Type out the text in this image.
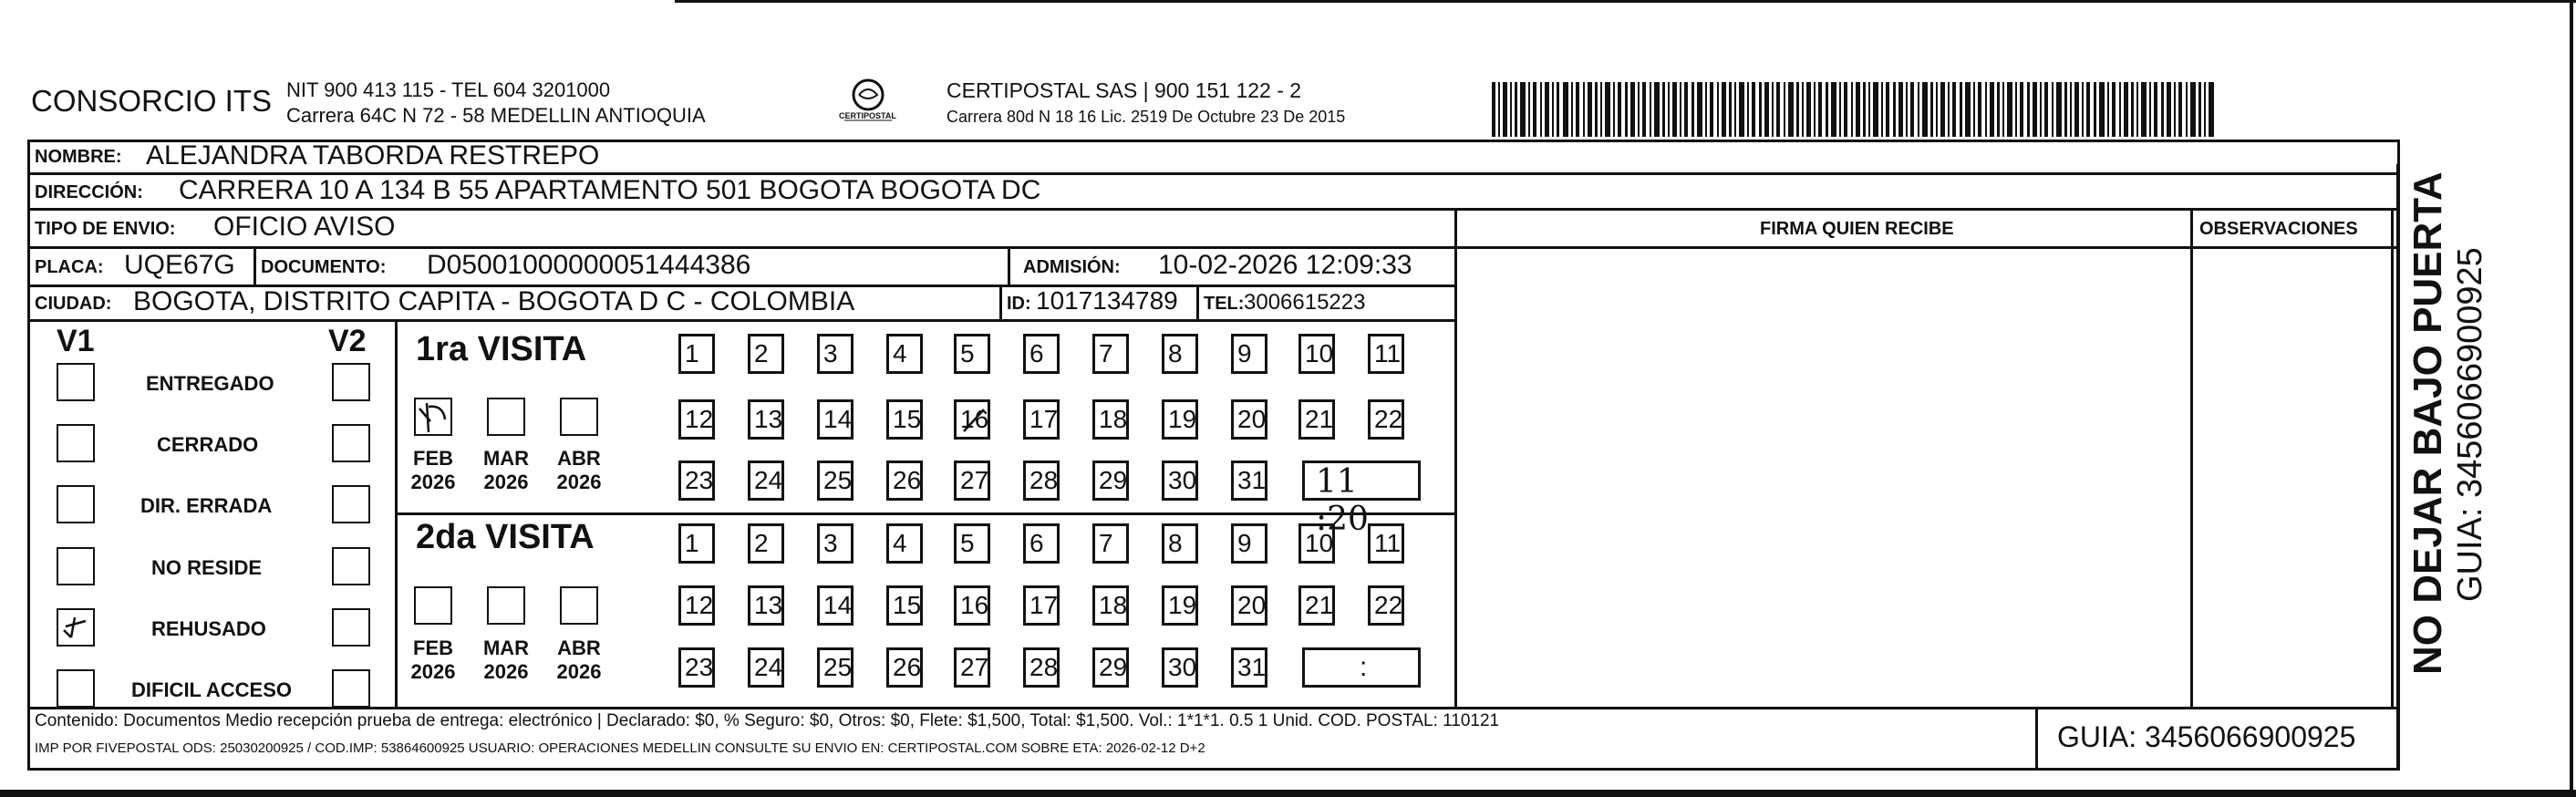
CONSORCIO ITS NIT 900 413 115 - TEL 604 3201000
Carrera 64C N 72 - 58 MEDELLIN ANTIOQUIA	CERTIPOSTAL
CERTIPOSTAL SAS | 900 151 122 - 2
Carrera 80d N 18 16 Lic. 2519 De Octubre 23 De 2015
NOMBRE: ALEJANDRA TABORDA RESTREPO
DIRECCIÓN: CARRERA 10 A 134 B 55 APARTAMENTO 501 BOGOTA BOGOTA DC
TIPO DE ENVIO: OFICIO AVISO	FIRMA QUIEN RECIBE	OBSERVACIONES
PLACA: UQE67G DOCUMENTO: D050010000000514443​86	ADMISIÓN: 10-02-2026 12:09:33
CIUDAD: BOGOTA, DISTRITO CAPITA - BOGOTA D C - COLOMBIA	ID: 1017134789 TEL: 3006615223
V1	V2
ENTREGADO
CERRADO
DIR. ERRADA
NO RESIDE
REHUSADO
DIFICIL ACCESO
1ra VISITA
2da VISITA
FEB
2026
MAR
2026
ABR
2026
FEB
2026
MAR
2026
ABR
2026
1	2	3	4	5	6	7	8	9	10 11
12 13 14 15 16 17 18 19 20 21 22
23 24 25 26 27 28 29 30 31
1	2	3	4	5	6	7	8	9	10 11
12 13 14 15 16 17 18 19 20 21 22
23 24 25 26 27 28 29 30 31
11 :20
:
Contenido: Documentos Medio recepción prueba de entrega: electrónico | Declarado: $0, % Seguro: $0, Otros: $0, Flete: $1,500, Total: $1,500. Vol.: 1*1*1. 0.5 1 Unid. COD. POSTAL: 110121
IMP POR FIVEPOSTAL ODS: 25030200925 / COD.IMP: 53864600925 USUARIO: OPERACIONES MEDELLIN CONSULTE SU ENVIO EN: CERTIPOSTAL.COM SOBRE ETA: 2026-02-12 D+2	GUIA: 3456066900925
NO DEJAR BAJO PUERTA GUIA: 3456066900925
